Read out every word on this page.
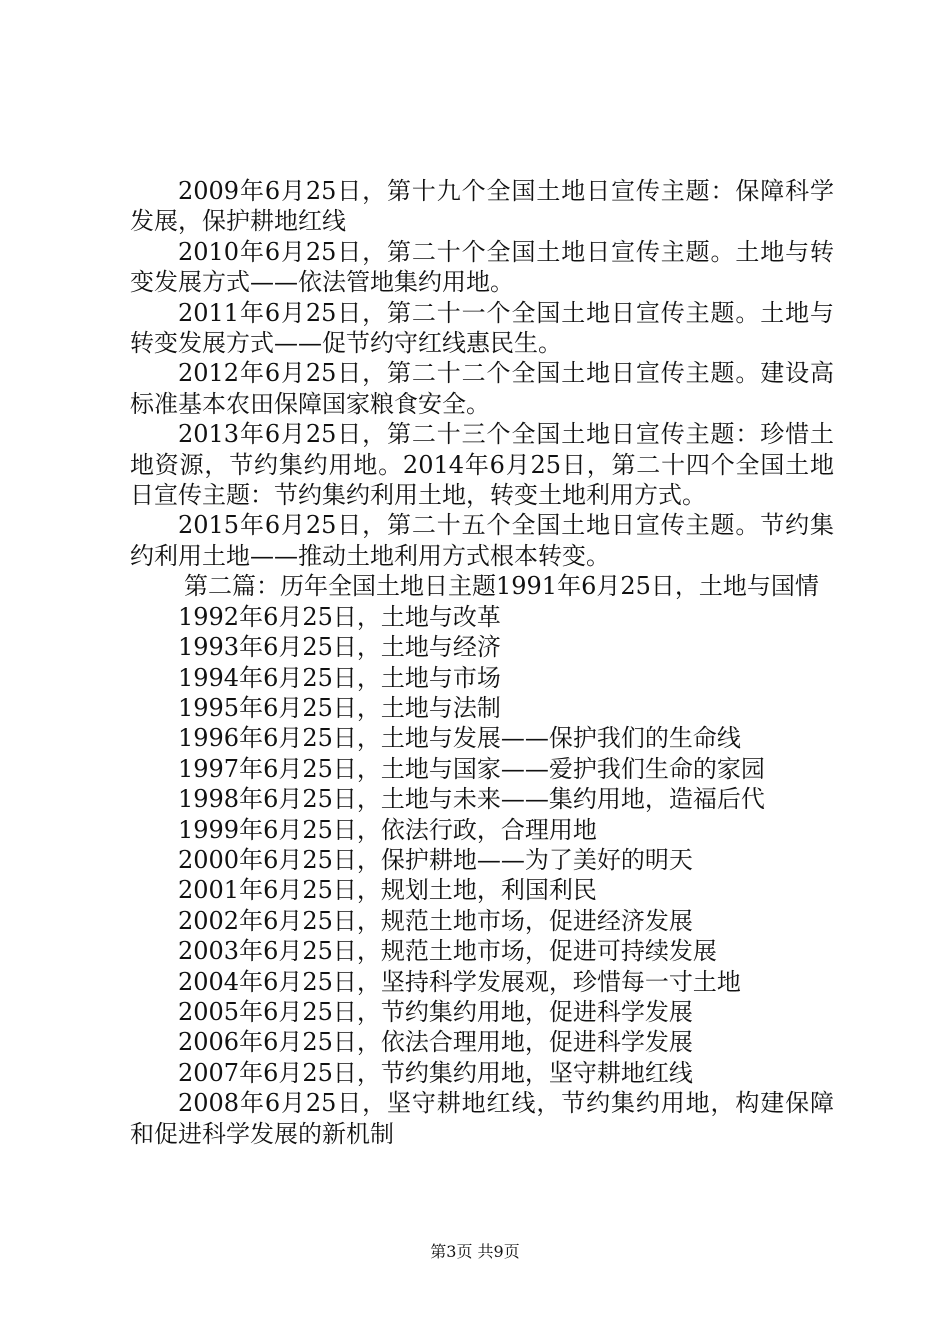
2009年6月25日，第十九个全国土地日宣传主题：保障科学发展，保护耕地红线

2010年6月25日，第二十个全国土地日宣传主题。土地与转变发展方式——依法管地集约用地。

2011年6月25日，第二十一个全国土地日宣传主题。土地与转变发展方式——促节约守红线惠民生。

2012年6月25日，第二十二个全国土地日宣传主题。建设高标准基本农田保障国家粮食安全。

2013年6月25日，第二十三个全国土地日宣传主题：珍惜土地资源，节约集约用地。2014年6月25日，第二十四个全国土地日宣传主题：节约集约利用土地，转变土地利用方式。

2015年6月25日，第二十五个全国土地日宣传主题。节约集约利用土地——推动土地利用方式根本转变。

第二篇：历年全国土地日主题1991年6月25日，土地与国情

1992年6月25日，土地与改革

1993年6月25日，土地与经济

1994年6月25日，土地与市场

1995年6月25日，土地与法制

1996年6月25日，土地与发展——保护我们的生命线

1997年6月25日，土地与国家——爱护我们生命的家园

1998年6月25日，土地与未来——集约用地，造福后代

1999年6月25日，依法行政，合理用地

2000年6月25日，保护耕地——为了美好的明天

2001年6月25日，规划土地，利国利民

2002年6月25日，规范土地市场，促进经济发展

2003年6月25日，规范土地市场，促进可持续发展

2004年6月25日，坚持科学发展观，珍惜每一寸土地

2005年6月25日，节约集约用地，促进科学发展

2006年6月25日，依法合理用地，促进科学发展

2007年6月25日，节约集约用地，坚守耕地红线

2008年6月25日，坚守耕地红线，节约集约用地，构建保障和促进科学发展的新机制

第3页 共9页
